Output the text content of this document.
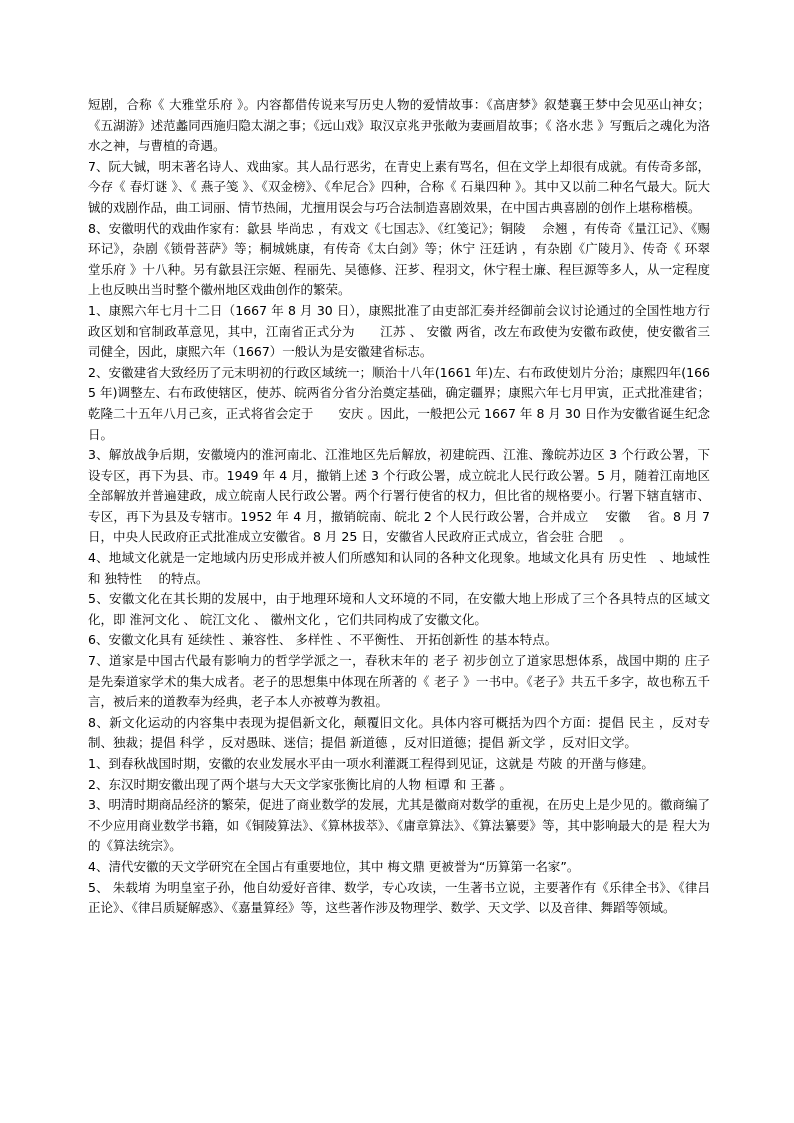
短剧，合称《 大雅堂乐府 》。内容都借传说来写历史人物的爱情故事：《高唐梦》叙楚襄王梦中会见巫山神女；《五湖游》述范蠡同西施归隐太湖之事；《远山戏》取汉京兆尹张敞为妻画眉故事；《 洛水悲 》写甄后之魂化为洛水之神，与曹植的奇遇。

7、阮大铖，明末著名诗人、戏曲家。其人品行恶劣，在青史上素有骂名，但在文学上却很有成就。有传奇多部，今存《 春灯谜 》、《 燕子笺 》、《双金榜》、《牟尼合》四种，合称《 石巢四种 》。其中又以前二种名气最大。阮大铖的戏剧作品，曲工词丽、情节热闹，尤擅用误会与巧合法制造喜剧效果，在中国古典喜剧的创作上堪称楷模。

8、安徽明代的戏曲作家有：歙县 毕尚忠 ，有戏文《七国志》、《红笺记》；铜陵　 佘翘 ，有传奇《量江记》、《赐环记》，杂剧《锁骨菩萨》等；桐城姚康，有传奇《太白剑》等；休宁 汪廷讷 ，有杂剧《广陵月》、传奇《 环翠堂乐府 》十八种。另有歙县汪宗姬、程丽先、吴德修、汪芗、程羽文，休宁程士廉、程巨源等多人，从一定程度上也反映出当时整个徽州地区戏曲创作的繁荣。

1、康熙六年七月十二日（1667 年 8 月 30 日），康熙批准了由吏部汇奏并经御前会议讨论通过的全国性地方行政区划和官制政革意见，其中，江南省正式分为　　江苏 、 安徽 两省，改左布政使为安徽布政使，使安徽省三司健全，因此，康熙六年（1667）一般认为是安徽建省标志。

2、安徽建省大致经历了元末明初的行政区域统一；顺治十八年(1661 年)左、右布政使划片分治；康熙四年(1665 年)调整左、右布政使辖区，使苏、皖两省分省分治奠定基础，确定疆界；康熙六年七月甲寅，正式批准建省；乾隆二十五年八月己亥，正式将省会定于　　安庆 。因此，一般把公元 1667 年 8 月 30 日作为安徽省诞生纪念日。

3、解放战争后期，安徽境内的淮河南北、江淮地区先后解放，初建皖西、江淮、豫皖苏边区 3 个行政公署，下设专区，再下为县、市。1949 年 4 月，撤销上述 3 个行政公署，成立皖北人民行政公署。5 月，随着江南地区全部解放并普遍建政，成立皖南人民行政公署。两个行署行使省的权力，但比省的规格要小。行署下辖直辖市、专区，再下为县及专辖市。1952 年 4 月，撤销皖南、皖北 2 个人民行政公署，合并成立　 安徽　 省。8 月 7 日，中央人民政府正式批准成立安徽省。8 月 25 日，安徽省人民政府正式成立，省会驻 合肥　 。

4、地域文化就是一定地域内历史形成并被人们所感知和认同的各种文化现象。地域文化具有 历史性　、地域性和 独特性　 的特点。

5、安徽文化在其长期的发展中，由于地理环境和人文环境的不同，在安徽大地上形成了三个各具特点的区域文化，即 淮河文化 、 皖江文化 、 徽州文化 ，它们共同构成了安徽文化。

6、安徽文化具有 延续性 、兼容性、 多样性 、不平衡性、 开拓创新性 的基本特点。

7、道家是中国古代最有影响力的哲学学派之一，春秋末年的 老子 初步创立了道家思想体系，战国中期的 庄子 是先秦道家学术的集大成者。老子的思想集中体现在所著的《 老子 》一书中。《老子》共五千多字，故也称五千言，被后来的道教奉为经典，老子本人亦被尊为教祖。

8、新文化运动的内容集中表现为提倡新文化，颠覆旧文化。具体内容可概括为四个方面：提倡 民主 ，反对专制、独裁；提倡 科学 ，反对愚昧、迷信；提倡 新道德 ，反对旧道德；提倡 新文学 ，反对旧文学。

1、到春秋战国时期，安徽的农业发展水平由一项水利灌溉工程得到见证，这就是 芍陂 的开凿与修建。

2、东汉时期安徽出现了两个堪与大天文学家张衡比肩的人物 桓谭 和 王蕃 。

3、明清时期商品经济的繁荣，促进了商业数学的发展，尤其是徽商对数学的重视，在历史上是少见的。徽商编了不少应用商业数学书籍，如《铜陵算法》、《算林拔萃》、《庸章算法》、《算法纂要》等，其中影响最大的是 程大为 的《算法统宗》。

4、清代安徽的天文学研究在全国占有重要地位，其中 梅文鼎 更被誉为“历算第一名家”。

5、 朱载堉 为明皇室子孙，他自幼爱好音律、数学，专心攻读，一生著书立说，主要著作有《乐律全书》、《律吕正论》、《律吕质疑解惑》、《嘉量算经》等，这些著作涉及物理学、数学、天文学、以及音律、舞蹈等领域。
